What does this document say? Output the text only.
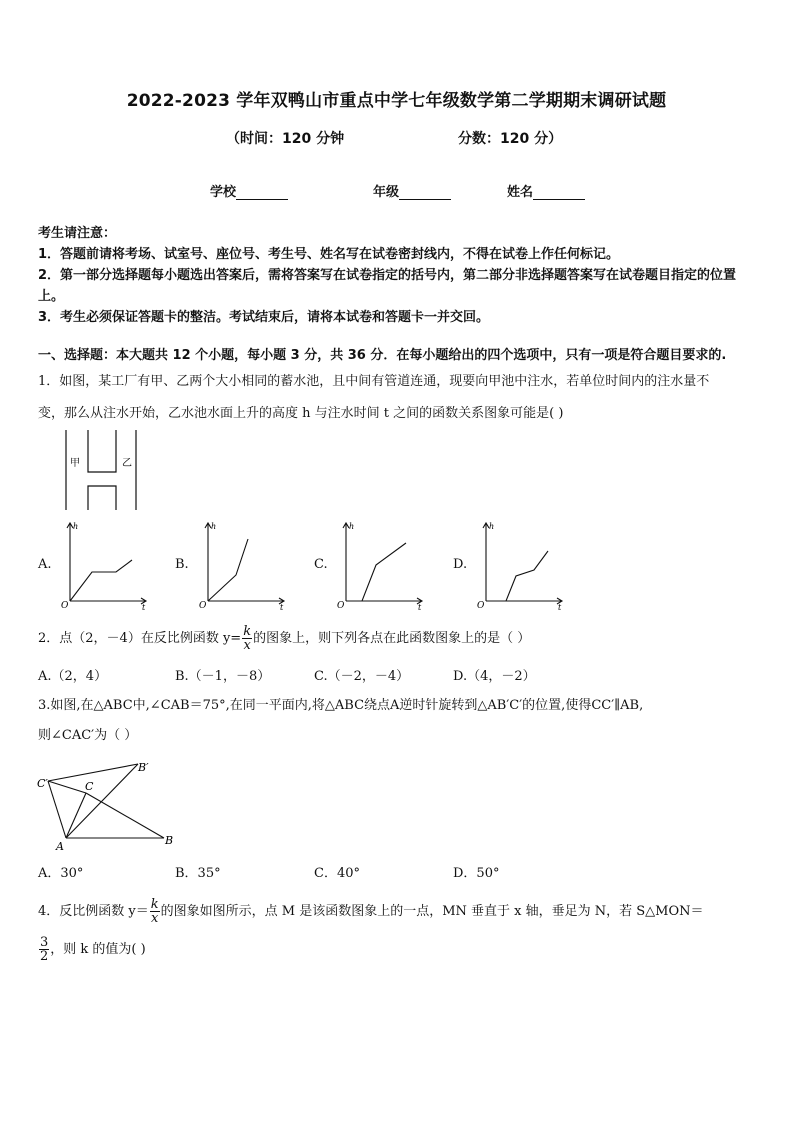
2022-2023 学年双鸭山市重点中学七年级数学第二学期期末调研试题
（时间：120 分钟	分数：120 分）
学校	年级	姓名
考生请注意：
1．答题前请将考场、试室号、座位号、考生号、姓名写在试卷密封线内，不得在试卷上作任何标记。
2．第一部分选择题每小题选出答案后，需将答案写在试卷指定的括号内，第二部分非选择题答案写在试卷题目指定的位置上。
3．考生必须保证答题卡的整洁。考试结束后，请将本试卷和答题卡一并交回。
一、选择题：本大题共 12 个小题，每小题 3 分，共 36 分．在每小题给出的四个选项中，只有一项是符合题目要求的.
1．如图，某工厂有甲、乙两个大小相同的蓄水池，且中间有管道连通，现要向甲池中注水，若单位时间内的注水量不
变，那么从注水开始，乙水池水面上升的高度 h 与注水时间 t 之间的函数关系图象可能是( )
甲	乙
A.	B.	C.	D.
h
t
O
h
t
O
h
t
O
h
t
O
2．点（2，－4）在反比例函数 $y= \frac{k}{x}$ 的图象上，则下列各点在此函数图象上的是（ ）
A.（2，4）	B.（－1，－8）	C.（－2，－4）	D.（4，－2）
3.如图,在△ABC中,∠CAB＝75°,在同一平面内,将△ABC绕点A逆时针旋转到△AB′C′的位置,使得CC′∥AB,
则∠CAC′为（ ）
A	B
C
C′
B′
A．30°	B．35°	C．40°	D．50°
4．反比例函数 $y= \frac{k}{x}$ 的图象如图所示，点 M 是该函数图象上的一点，MN 垂直于 x 轴，垂足为 N，若 S△MON＝
$\frac{3}{2}$ ，则 k 的值为( )
